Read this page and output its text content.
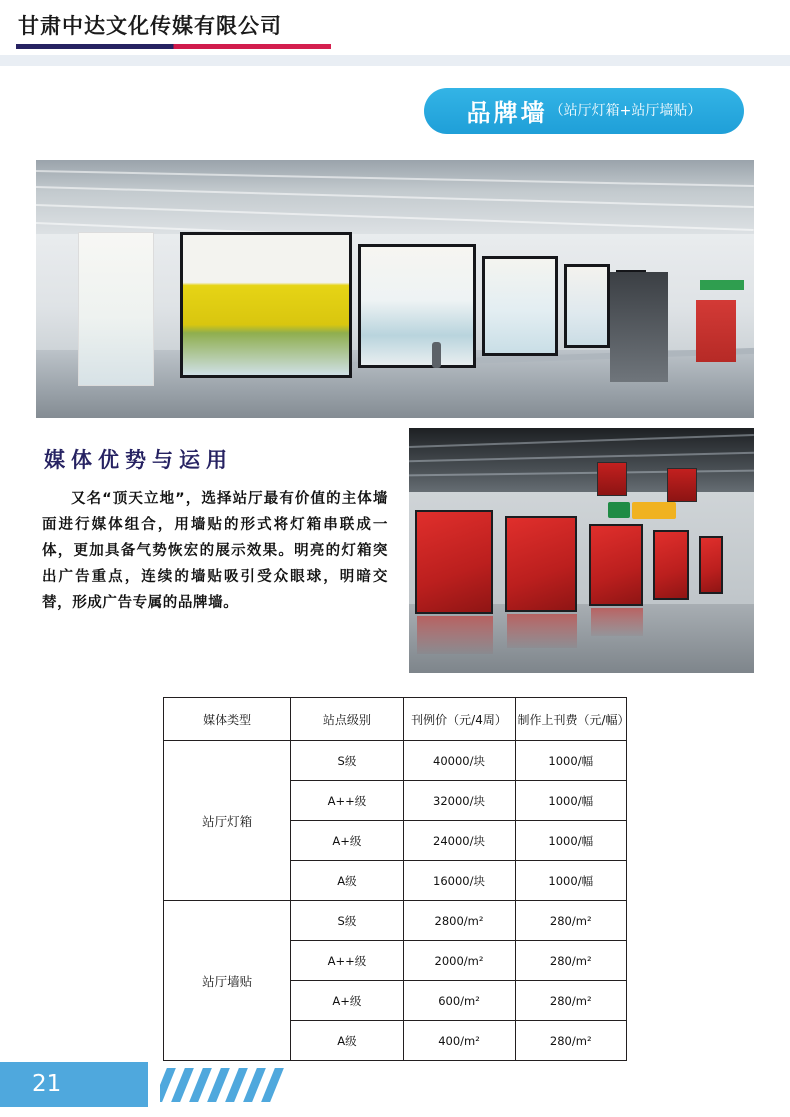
甘肃中达文化传媒有限公司
品牌墙 （站厅灯箱+站厅墙贴）
媒体优势与运用
又名“顶天立地”，选择站厅最有价值的主体墙面进行媒体组合，用墙贴的形式将灯箱串联成一体，更加具备气势恢宏的展示效果。明亮的灯箱突出广告重点，连续的墙贴吸引受众眼球，明暗交替，形成广告专属的品牌墙。
媒体类型	站点级别	刊例价（元/4周）	制作上刊费（元/幅）
站厅灯箱	S级	40000/块	1000/幅
	A++级	32000/块	1000/幅
	A+级	24000/块	1000/幅
	A级	16000/块	1000/幅
站厅墙贴	S级	2800/m²	280/m²
	A++级	2000/m²	280/m²
	A+级	600/m²	280/m²
	A级	400/m²	280/m²
21
